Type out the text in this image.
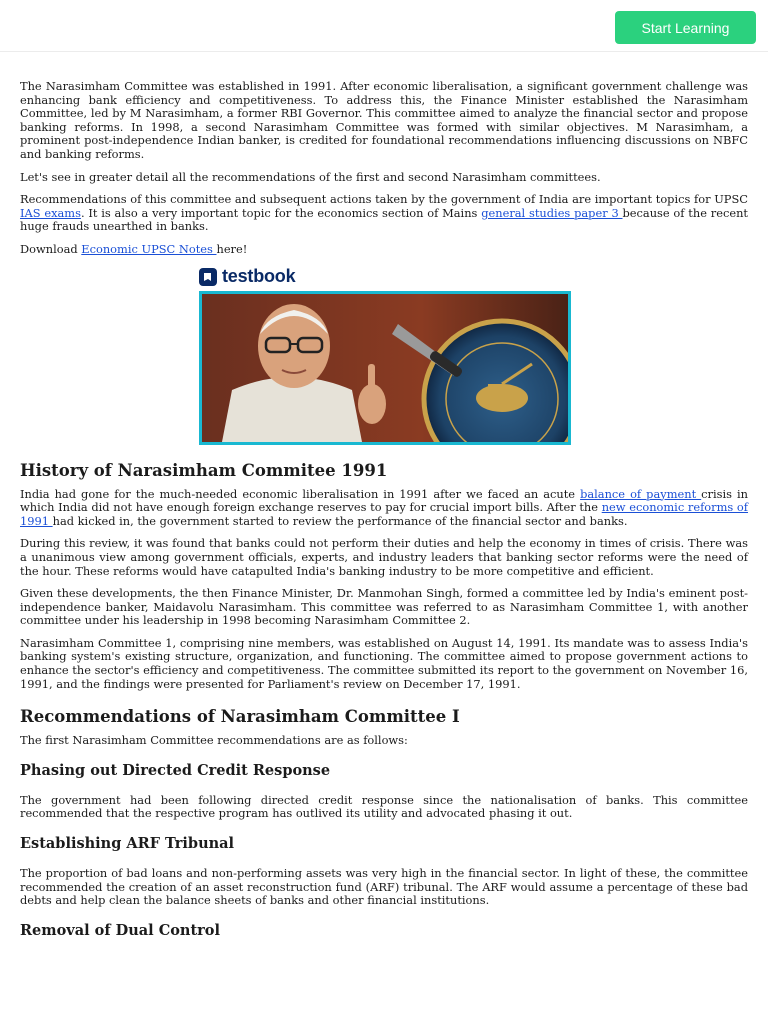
Start Learning

The Narasimham Committee was established in 1991. After economic liberalisation, a significant government challenge was enhancing bank efficiency and competitiveness. To address this, the Finance Minister established the Narasimham Committee, led by M Narasimham, a former RBI Governor. This committee aimed to analyze the financial sector and propose banking reforms. In 1998, a second Narasimham Committee was formed with similar objectives. M Narasimham, a prominent post-independence Indian banker, is credited for foundational recommendations influencing discussions on NBFC and banking reforms.

Let's see in greater detail all the recommendations of the first and second Narasimham committees.

Recommendations of this committee and subsequent actions taken by the government of India are important topics for UPSC IAS exams. It is also a very important topic for the economics section of Mains general studies paper 3 because of the recent huge frauds unearthed in banks.

Download Economic UPSC Notes here!

testbook
History of Narasimham Commitee 1991

India had gone for the much-needed economic liberalisation in 1991 after we faced an acute balance of payment crisis in which India did not have enough foreign exchange reserves to pay for crucial import bills. After the new economic reforms of 1991 had kicked in, the government started to review the performance of the financial sector and banks.

During this review, it was found that banks could not perform their duties and help the economy in times of crisis. There was a unanimous view among government officials, experts, and industry leaders that banking sector reforms were the need of the hour. These reforms would have catapulted India's banking industry to be more competitive and efficient.

Given these developments, the then Finance Minister, Dr. Manmohan Singh, formed a committee led by India's eminent post-independence banker, Maidavolu Narasimham. This committee was referred to as Narasimham Committee 1, with another committee under his leadership in 1998 becoming Narasimham Committee 2.

Narasimham Committee 1, comprising nine members, was established on August 14, 1991. Its mandate was to assess India's banking system's existing structure, organization, and functioning. The committee aimed to propose government actions to enhance the sector's efficiency and competitiveness. The committee submitted its report to the government on November 16, 1991, and the findings were presented for Parliament's review on December 17, 1991.

Recommendations of Narasimham Committee I

The first Narasimham Committee recommendations are as follows:

Phasing out Directed Credit Response

The government had been following directed credit response since the nationalisation of banks. This committee recommended that the respective program has outlived its utility and advocated phasing it out.

Establishing ARF Tribunal

The proportion of bad loans and non-performing assets was very high in the financial sector. In light of these, the committee recommended the creation of an asset reconstruction fund (ARF) tribunal. The ARF would assume a percentage of these bad debts and help clean the balance sheets of banks and other financial institutions.

Removal of Dual Control
